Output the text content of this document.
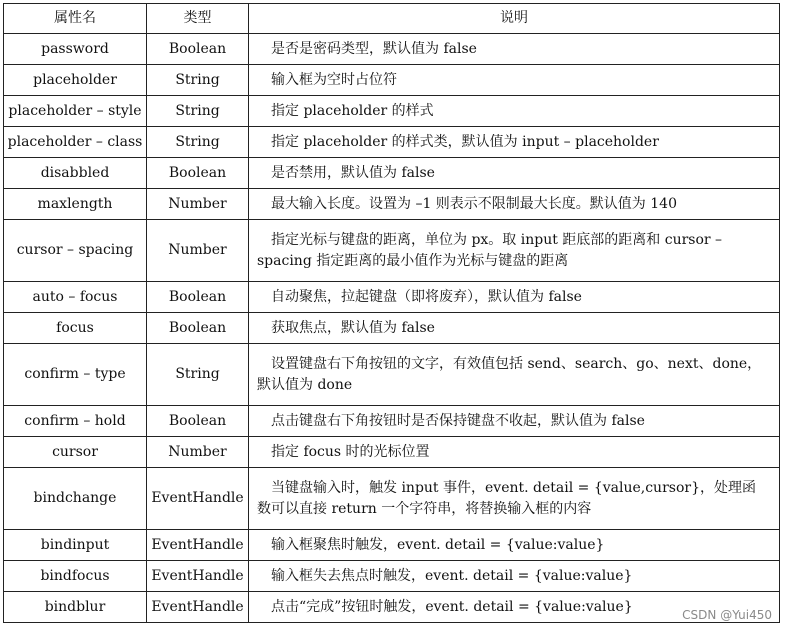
属性名	类型	说明
password	Boolean	是否是密码类型，默认值为 false
placeholder	String	输入框为空时占位符
placeholder – style	String	指定 placeholder 的样式
placeholder – class	String	指定 placeholder 的样式类，默认值为 input – placeholder
disabbled	Boolean	是否禁用，默认值为 false
maxlength	Number	最大输入长度。设置为 –1 则表示不限制最大长度。默认值为 140
cursor – spacing	Number	指定光标与键盘的距离，单位为 px。取 input 距底部的距离和 cursor – spacing 指定距离的最小值作为光标与键盘的距离
auto – focus	Boolean	自动聚焦，拉起键盘（即将废弃），默认值为 false
focus	Boolean	获取焦点，默认值为 false
confirm – type	String	设置键盘右下角按钮的文字，有效值包括 send、search、go、next、done，默认值为 done
confirm – hold	Boolean	点击键盘右下角按钮时是否保持键盘不收起，默认值为 false
cursor	Number	指定 focus 时的光标位置
bindchange	EventHandle	当键盘输入时，触发 input 事件，event. detail = {value,cursor}，处理函数可以直接 return 一个字符串，将替换输入框的内容
bindinput	EventHandle	输入框聚焦时触发，event. detail = {value:value}
bindfocus	EventHandle	输入框失去焦点时触发，event. detail = {value:value}
bindblur	EventHandle	点击“完成”按钮时触发，event. detail = {value:value}
CSDN @Yui450
